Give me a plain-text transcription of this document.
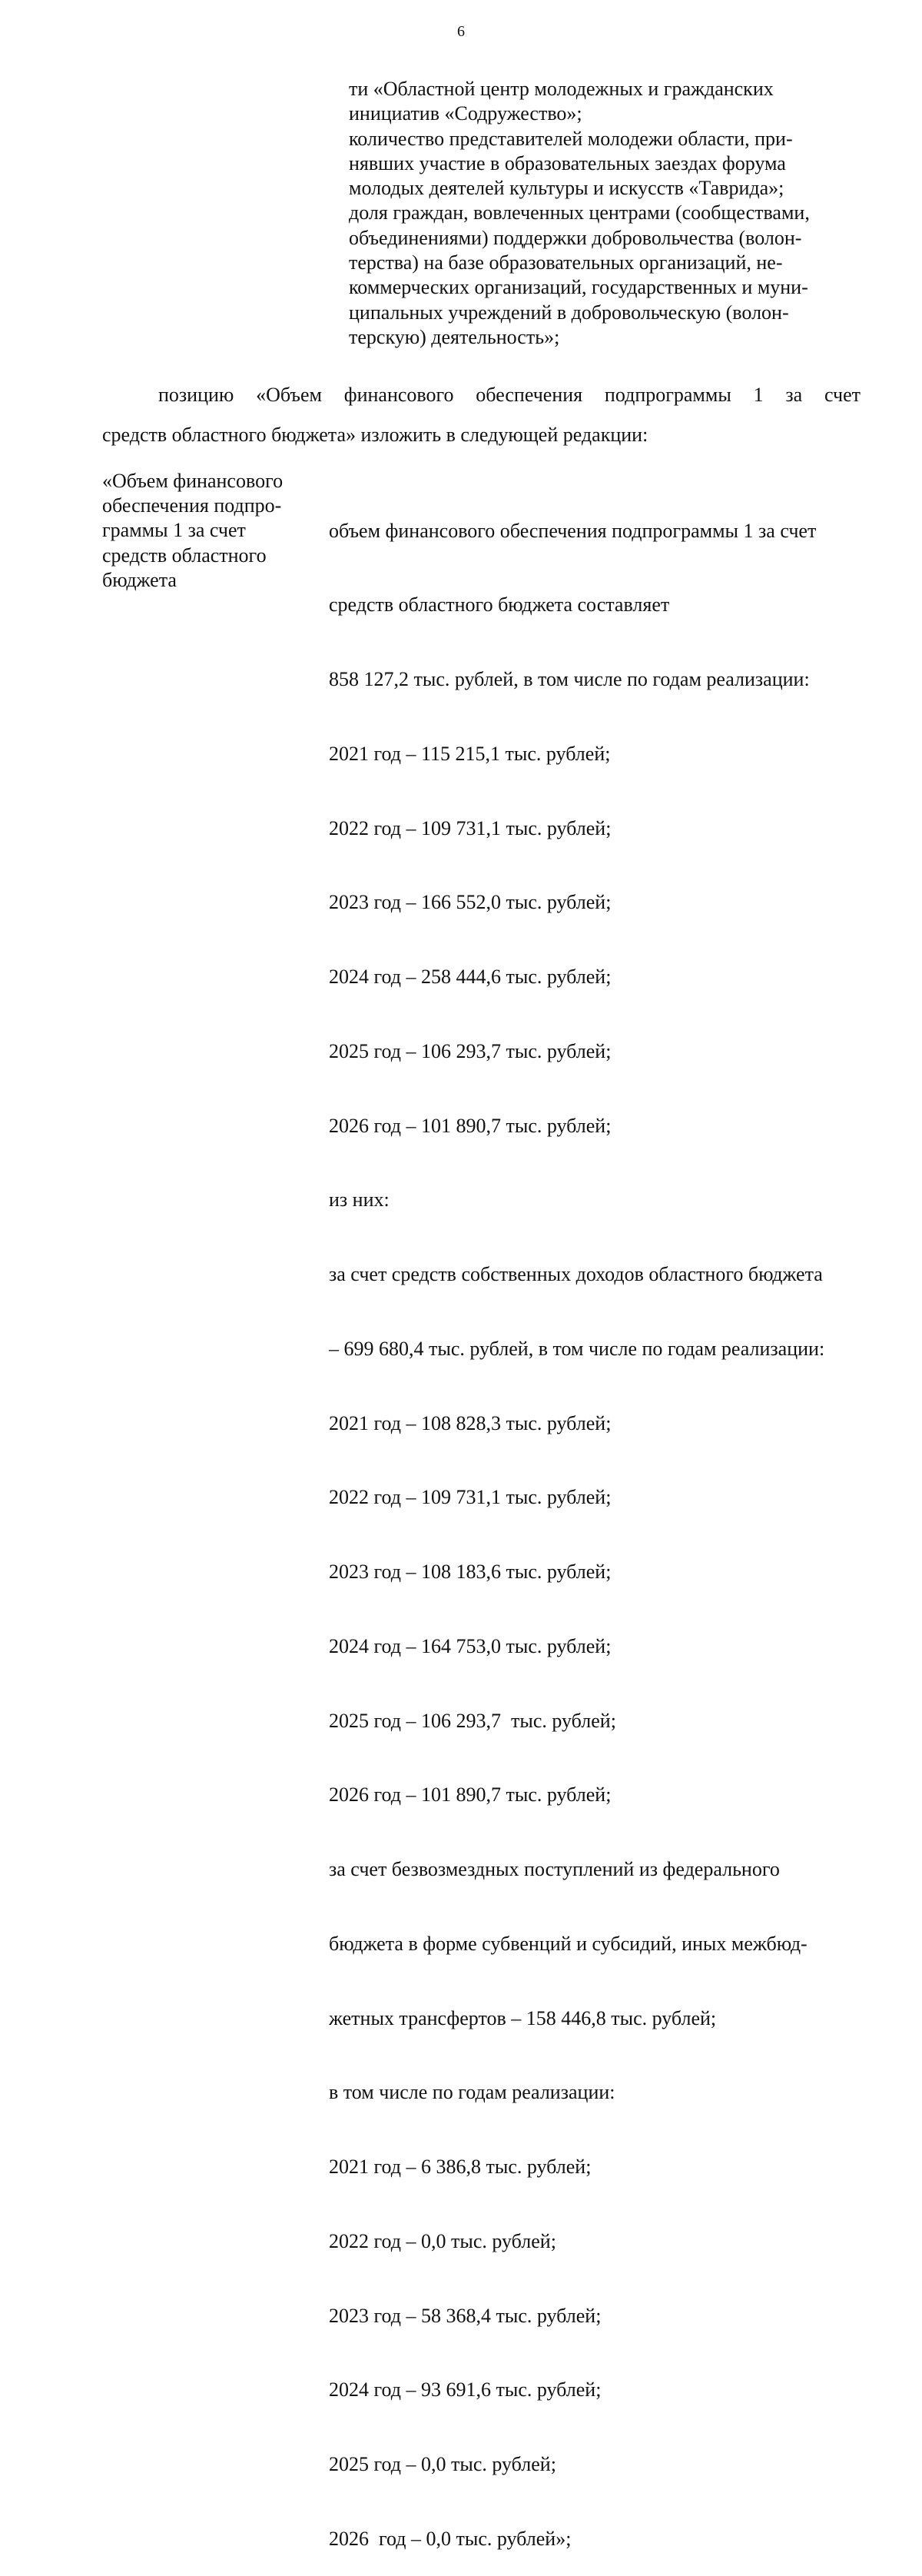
6
ти «Областной центр молодежных и гражданских
инициатив «Содружество»;
количество представителей молодежи области, при-
нявших участие в образовательных заездах форума
молодых деятелей культуры и искусств «Таврида»;
доля граждан, вовлеченных центрами (сообществами,
объединениями) поддержки добровольчества (волон-
терства) на базе образовательных организаций, не-
коммерческих организаций, государственных и муни-
ципальных учреждений в добровольческую (волон-
терскую) деятельность»;
позицию «Объем финансового обеспечения подпрограммы 1 за счет
средств областного бюджета» изложить в следующей редакции:
«Объем финансового
обеспечения подпро-
граммы 1 за счет
средств областного
бюджета

объем финансового обеспечения подпрограммы 1 за счет

средств областного бюджета составляет

858 127,2 тыс. рублей, в том числе по годам реализации:

2021 год – 115 215,1 тыс. рублей;

2022 год – 109 731,1 тыс. рублей;

2023 год – 166 552,0 тыс. рублей;

2024 год – 258 444,6 тыс. рублей;

2025 год – 106 293,7 тыс. рублей;

2026 год – 101 890,7 тыс. рублей;

из них:

за счет средств собственных доходов областного бюджета

– 699 680,4 тыс. рублей, в том числе по годам реализации:

2021 год – 108 828,3 тыс. рублей;

2022 год – 109 731,1 тыс. рублей;

2023 год – 108 183,6 тыс. рублей;

2024 год – 164 753,0 тыс. рублей;

2025 год – 106 293,7  тыс. рублей;

2026 год – 101 890,7 тыс. рублей;

за счет безвозмездных поступлений из федерального

бюджета в форме субвенций и субсидий, иных межбюд-

жетных трансфертов – 158 446,8 тыс. рублей;

в том числе по годам реализации:

2021 год – 6 386,8 тыс. рублей;

2022 год – 0,0 тыс. рублей;

2023 год – 58 368,4 тыс. рублей;

2024 год – 93 691,6 тыс. рублей;

2025 год – 0,0 тыс. рублей;

2026  год – 0,0 тыс. рублей»;
